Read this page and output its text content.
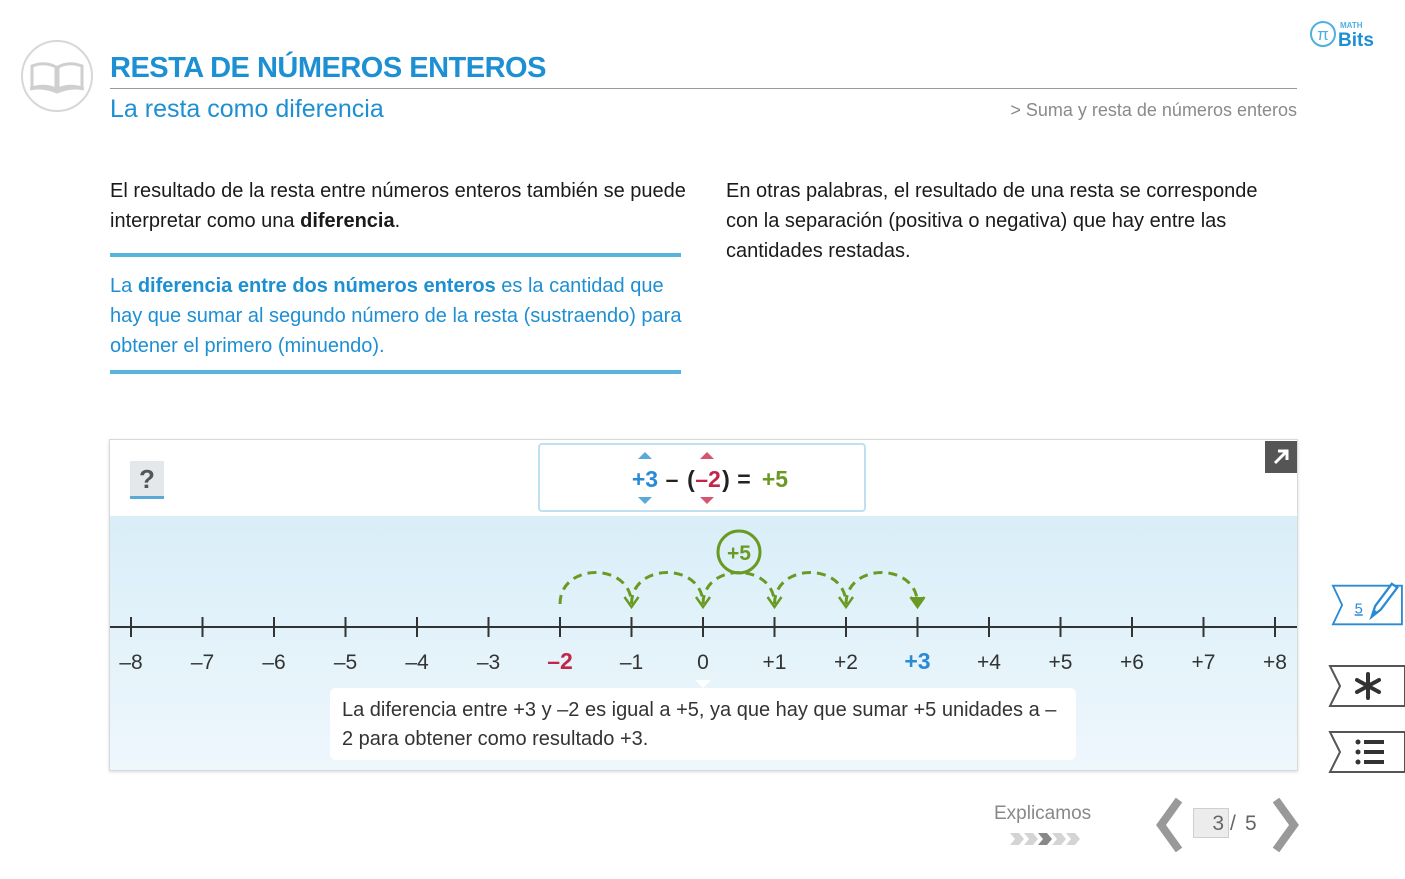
RESTA DE NÚMEROS ENTEROS
La resta como diferencia	> Suma y resta de números enteros
π MATH
Bits
El resultado de la resta entre números enteros también se puede interpretar como una diferencia.
La diferencia entre dos números enteros es la cantidad que hay que sumar al segundo número de la resta (sustraendo) para obtener el primero (minuendo).
En otras palabras, el resultado de una resta se corresponde con la separación (positiva o negativa) que hay entre las cantidades restadas.
?	+3 – ( –2 ) = +5
–8 –7 –6 –5 –4 –3 –2 –1	0	+1 +2 +3 +4 +5 +6 +7 +8
+5
La diferencia entre +3 y –2 es igual a +5, ya que hay que sumar +5 unidades a –2 para obtener como resultado +3.
5
Explicamos	3 / 5
